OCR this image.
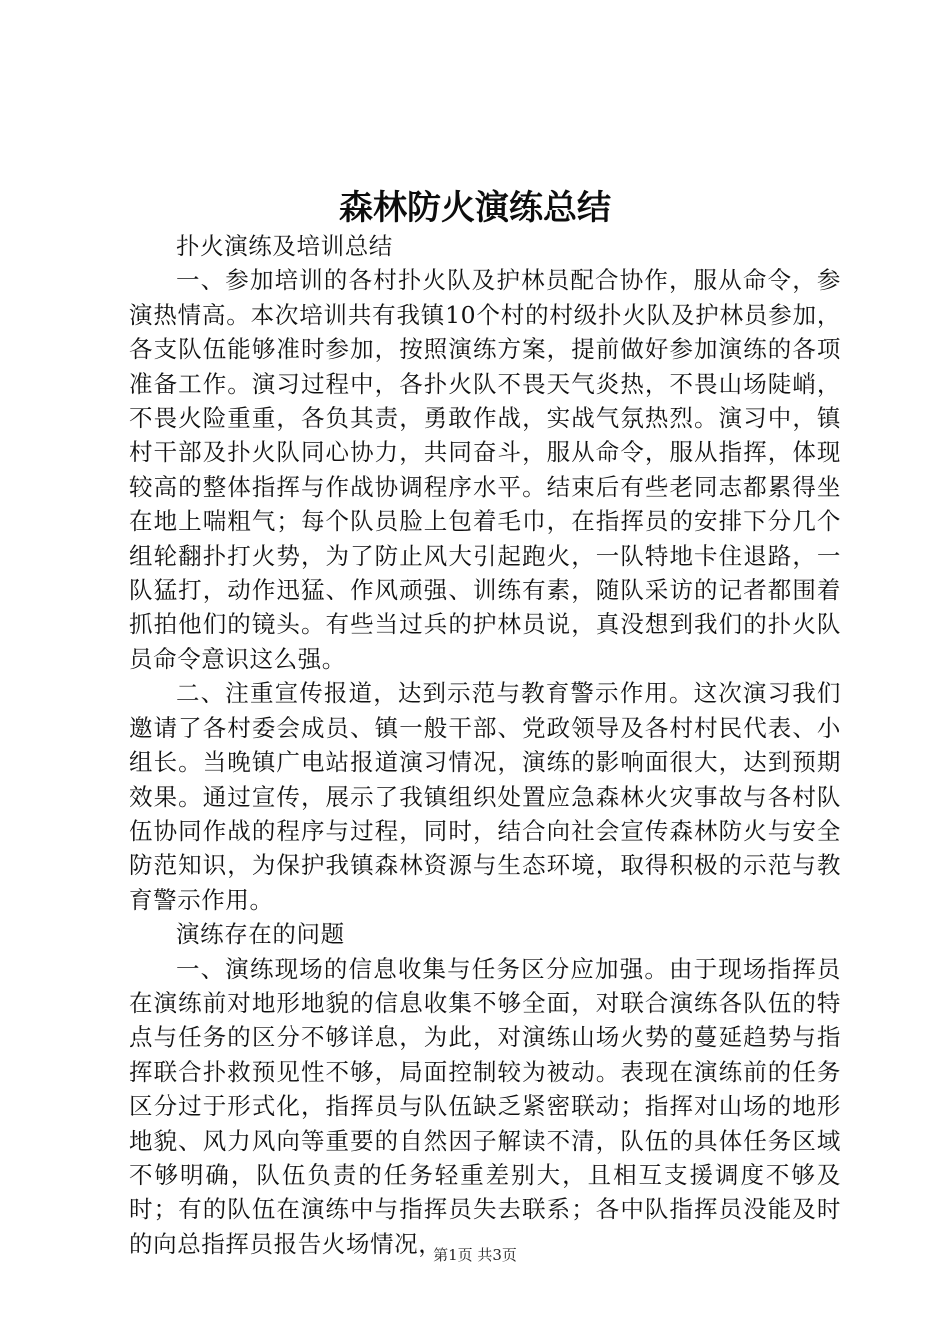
森林防火演练总结

扑火演练及培训总结

一、参加培训的各村扑火队及护林员配合协作，服从命令，参演热情高。本次培训共有我镇10个村的村级扑火队及护林员参加，各支队伍能够准时参加，按照演练方案，提前做好参加演练的各项准备工作。演习过程中，各扑火队不畏天气炎热，不畏山场陡峭，不畏火险重重，各负其责，勇敢作战，实战气氛热烈。演习中，镇村干部及扑火队同心协力，共同奋斗，服从命令，服从指挥，体现较高的整体指挥与作战协调程序水平。结束后有些老同志都累得坐在地上喘粗气；每个队员脸上包着毛巾，在指挥员的安排下分几个组轮翻扑打火势，为了防止风大引起跑火，一队特地卡住退路，一队猛打，动作迅猛、作风顽强、训练有素，随队采访的记者都围着抓拍他们的镜头。有些当过兵的护林员说，真没想到我们的扑火队员命令意识这么强。

二、注重宣传报道，达到示范与教育警示作用。这次演习我们邀请了各村委会成员、镇一般干部、党政领导及各村村民代表、小组长。当晚镇广电站报道演习情况，演练的影响面很大，达到预期效果。通过宣传，展示了我镇组织处置应急森林火灾事故与各村队伍协同作战的程序与过程，同时，结合向社会宣传森林防火与安全防范知识，为保护我镇森林资源与生态环境，取得积极的示范与教育警示作用。

演练存在的问题

一、演练现场的信息收集与任务区分应加强。由于现场指挥员在演练前对地形地貌的信息收集不够全面，对联合演练各队伍的特点与任务的区分不够详息，为此，对演练山场火势的蔓延趋势与指挥联合扑救预见性不够，局面控制较为被动。表现在演练前的任务区分过于形式化，指挥员与队伍缺乏紧密联动；指挥对山场的地形地貌、风力风向等重要的自然因子解读不清，队伍的具体任务区域不够明确，队伍负责的任务轻重差别大，且相互支援调度不够及时；有的队伍在演练中与指挥员失去联系；各中队指挥员没能及时的向总指挥员报告火场情况，

第1页 共3页
